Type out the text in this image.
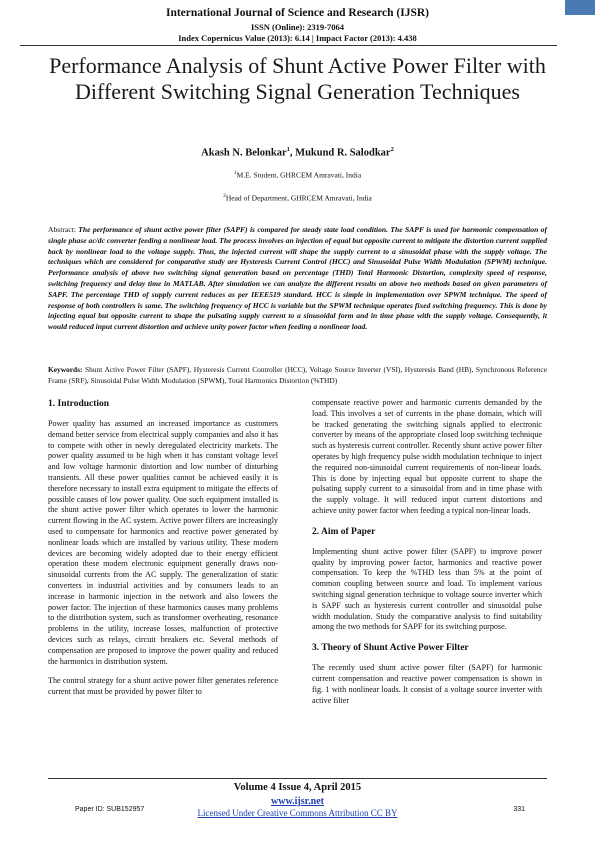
International Journal of Science and Research (IJSR)
ISSN (Online): 2319-7064
Index Copernicus Value (2013): 6.14 | Impact Factor (2013): 4.438
Performance Analysis of Shunt Active Power Filter with Different Switching Signal Generation Techniques
Akash N. Belonkar$^1$, Mukund R. Salodkar$^2$
$^1$M.E. Student, GHRCEM Amravati, India
$^2$Head of Department, GHRCEM Amravati, India
Abstract: The performance of shunt active power filter (SAPF) is compared for steady state load condition. The SAPF is used for harmonic compensation of single phase ac/dc converter feeding a nonlinear load. The process involves an injection of equal but opposite current to mitigate the distortion current supplied back by nonlinear load to the voltage supply. Thus, the injected current will shape the supply current to a sinusoidal phase with the supply voltage. The techniques which are considered for comparative study are Hysteresis Current Control (HCC) and Sinusoidal Pulse Width Modulation (SPWM) technique. Performance analysis of above two switching signal generation based on percentage (THD) Total Harmonic Distortion, complexity speed of response, switching frequency and delay time in MATLAB. After simulation we can analyze the different results on above two methods based on given parameters of SAPF. The percentage THD of supply current reduces as per IEEE519 standard. HCC is simple in implementation over SPWM technique. The speed of response of both controllers is same. The switching frequency of HCC is variable but the SPWM technique operates fixed switching frequency. This is done by injecting equal but opposite current to shape the pulsating supply current to a sinusoidal form and in time phase with the supply voltage. Consequently, it would reduced input current distortion and achieve unity power factor when feeding a nonlinear load.
Keywords: Shunt Active Power Filter (SAPF), Hysteresis Current Controller (HCC), Voltage Source Inverter (VSI), Hysteresis Band (HB), Synchronous Reference Frame (SRF), Sinusoidal Pulse Width Modulation (SPWM), Total Harmonics Distortion (%THD)
1. Introduction

Power quality has assumed an increased importance as customers demand better service from electrical supply companies and also it has to compete with other in newly deregulated electricity markets. The power quality assumed to be high when it has constant voltage level and low voltage harmonic distortion and low number of disturbing transients. All these power qualities cannot be achieved easily it is therefore necessary to install extra equipment to mitigate the effects of possible causes of low power quality. One such equipment installed is the shunt active power filter which operates to lower the harmonic current flowing in the AC system. Active power filters are increasingly used to compensate for harmonics and reactive power generated by nonlinear loads which are installed by various utility. These modern devices are becoming widely adopted due to their energy efficient operation these modern electronic equipment generally draws non-sinusoidal currents from the AC supply. The generalization of static converters in industrial activities and by consumers leads to an increase in harmonic injection in the network and also lowers the power factor. The injection of these harmonics causes many problems to the distribution system, such as transformer overheating, resonance problems in the utility, increase losses, malfunction of protective devices such as relays, circuit breakers etc. Several methods of compensation are proposed to improve the power quality and reduced the harmonics in distribution system.

The control strategy for a shunt active power filter generates reference current that must be provided by power filter to

compensate reactive power and harmonic currents demanded by the load. This involves a set of currents in the phase domain, which will be tracked generating the switching signals applied to electronic converter by means of the appropriate closed loop switching technique such as hysteresis current controller. Recently shunt active power filter operates by high frequency pulse width modulation technique to inject the required non-sinusoidal current requirements of non-linear loads. This is done by injecting equal but opposite current to shape the pulsating supply current to a sinusoidal from and in time phase with the supply voltage. It will reduced input current distortions and achieve unity power factor when feeding a typical non-linear loads.

2. Aim of Paper

Implementing shunt active power filter (SAPF) to improve power quality by improving power factor, harmonics and reactive power compensation. To keep the %THD less than 5% at the point of common coupling between source and load. To implement various switching signal generation technique to voltage source inverter which is SAPF such as hysteresis current controller and sinusoidal pulse width modulation. Study the comparative analysis to find suitability among the two methods for SAPF for its switching purpose.

3. Theory of Shunt Active Power Filter

The recently used shunt active power filter (SAPF) for harmonic current compensation and reactive power compensation is shown in fig. 1 with nonlinear loads. It consist of a voltage source inverter with active filter

Volume 4 Issue 4, April 2015
www.ijsr.net
Licensed Under Creative Commons Attribution CC BY
Paper ID: SUB152957	331
